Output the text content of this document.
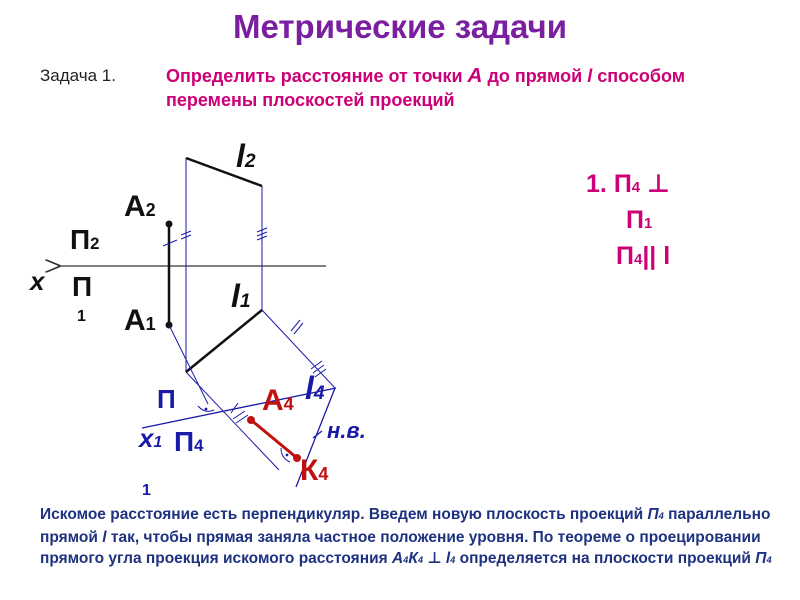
Метрические задачи
Задача 1.	Определить расстояние от точки А до прямой l способом перемены плоскостей проекций
l2
А2
П2
П
1
x	l1
А1
П
1
x1 П4
А4 l4
н.в.
К4
1. П4 ⊥
П1
П4|| l
Искомое расстояние есть перпендикуляр. Введем новую плоскость проекций П4 параллельно прямой l так, чтобы прямая заняла частное положение уровня. По теореме о проецировании прямого угла проекция искомого расстояния А4К4 ⊥ l4 определяется на плоскости проекций П4
